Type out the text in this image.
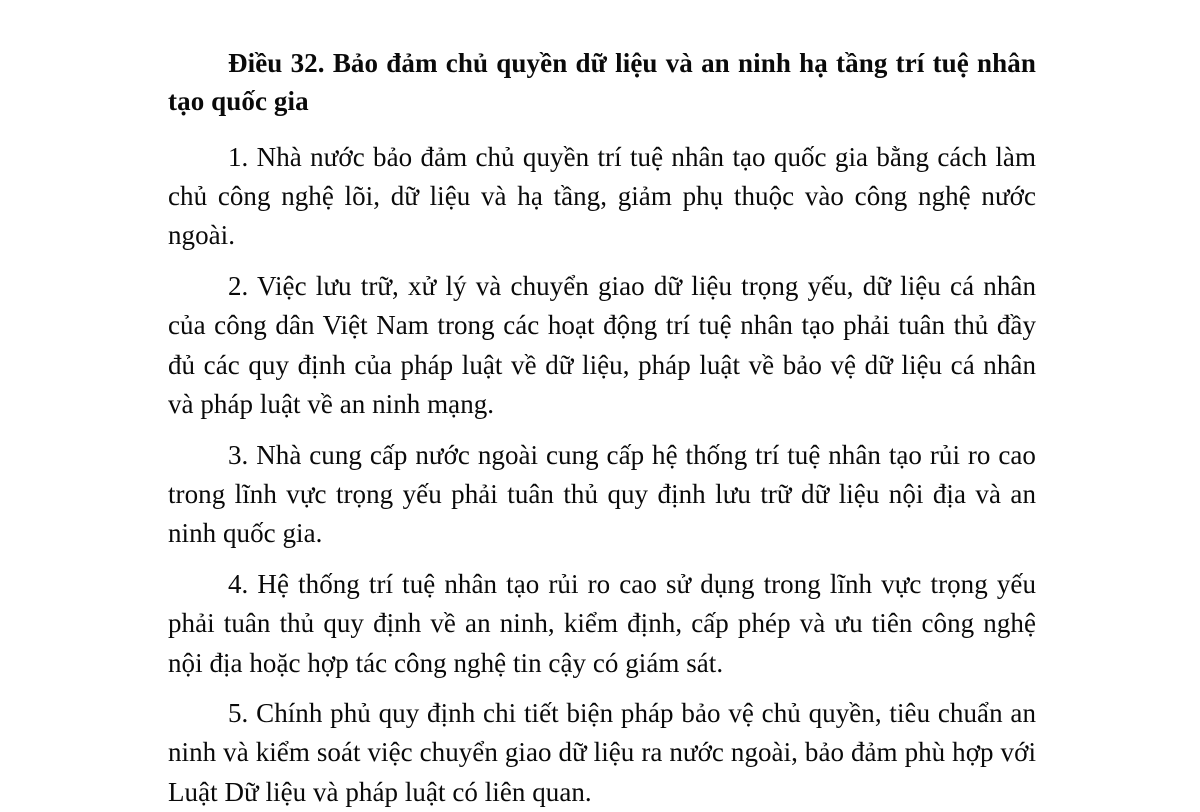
Điều 32. Bảo đảm chủ quyền dữ liệu và an ninh hạ tầng trí tuệ nhân tạo quốc gia

1. Nhà nước bảo đảm chủ quyền trí tuệ nhân tạo quốc gia bằng cách làm chủ công nghệ lõi, dữ liệu và hạ tầng, giảm phụ thuộc vào công nghệ nước ngoài.

2. Việc lưu trữ, xử lý và chuyển giao dữ liệu trọng yếu, dữ liệu cá nhân của công dân Việt Nam trong các hoạt động trí tuệ nhân tạo phải tuân thủ đầy đủ các quy định của pháp luật về dữ liệu, pháp luật về bảo vệ dữ liệu cá nhân và pháp luật về an ninh mạng.

3. Nhà cung cấp nước ngoài cung cấp hệ thống trí tuệ nhân tạo rủi ro cao trong lĩnh vực trọng yếu phải tuân thủ quy định lưu trữ dữ liệu nội địa và an ninh quốc gia.

4. Hệ thống trí tuệ nhân tạo rủi ro cao sử dụng trong lĩnh vực trọng yếu phải tuân thủ quy định về an ninh, kiểm định, cấp phép và ưu tiên công nghệ nội địa hoặc hợp tác công nghệ tin cậy có giám sát.

5. Chính phủ quy định chi tiết biện pháp bảo vệ chủ quyền, tiêu chuẩn an ninh và kiểm soát việc chuyển giao dữ liệu ra nước ngoài, bảo đảm phù hợp với Luật Dữ liệu và pháp luật có liên quan.
